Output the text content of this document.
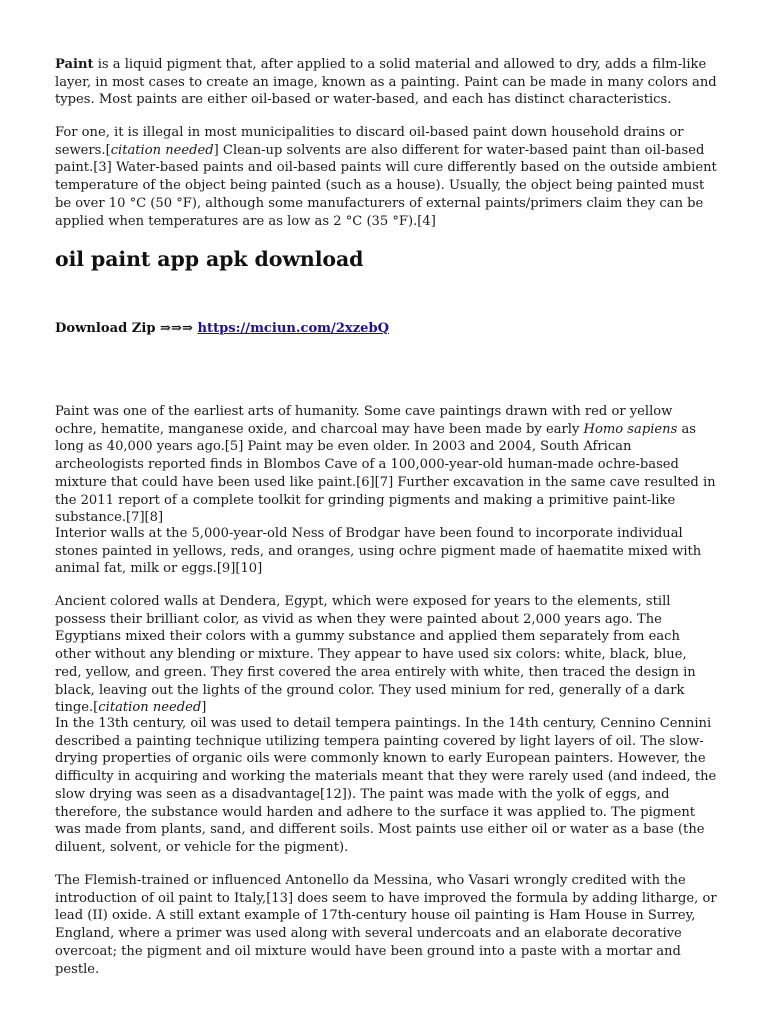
Paint is a liquid pigment that, after applied to a solid material and allowed to dry, adds a film-like layer, in most cases to create an image, known as a painting. Paint can be made in many colors and types. Most paints are either oil-based or water-based, and each has distinct characteristics.

For one, it is illegal in most municipalities to discard oil-based paint down household drains or sewers.[citation needed] Clean-up solvents are also different for water-based paint than oil-based paint.[3] Water-based paints and oil-based paints will cure differently based on the outside ambient temperature of the object being painted (such as a house). Usually, the object being painted must be over 10 °C (50 °F), although some manufacturers of external paints/primers claim they can be applied when temperatures are as low as 2 °C (35 °F).[4]

oil paint app apk download

Download Zip ⇒⇒⇒ https://mciun.com/2xzebQ

Paint was one of the earliest arts of humanity. Some cave paintings drawn with red or yellow ochre, hematite, manganese oxide, and charcoal may have been made by early Homo sapiens as long as 40,000 years ago.[5] Paint may be even older. In 2003 and 2004, South African archeologists reported finds in Blombos Cave of a 100,000-year-old human-made ochre-based mixture that could have been used like paint.[6][7] Further excavation in the same cave resulted in the 2011 report of a complete toolkit for grinding pigments and making a primitive paint-like substance.[7][8]

Interior walls at the 5,000-year-old Ness of Brodgar have been found to incorporate individual stones painted in yellows, reds, and oranges, using ochre pigment made of haematite mixed with animal fat, milk or eggs.[9][10]

Ancient colored walls at Dendera, Egypt, which were exposed for years to the elements, still possess their brilliant color, as vivid as when they were painted about 2,000 years ago. The Egyptians mixed their colors with a gummy substance and applied them separately from each other without any blending or mixture. They appear to have used six colors: white, black, blue, red, yellow, and green. They first covered the area entirely with white, then traced the design in black, leaving out the lights of the ground color. They used minium for red, generally of a dark tinge.[citation needed]

In the 13th century, oil was used to detail tempera paintings. In the 14th century, Cennino Cennini described a painting technique utilizing tempera painting covered by light layers of oil. The slow-drying properties of organic oils were commonly known to early European painters. However, the difficulty in acquiring and working the materials meant that they were rarely used (and indeed, the slow drying was seen as a disadvantage[12]). The paint was made with the yolk of eggs, and therefore, the substance would harden and adhere to the surface it was applied to. The pigment was made from plants, sand, and different soils. Most paints use either oil or water as a base (the diluent, solvent, or vehicle for the pigment).

The Flemish-trained or influenced Antonello da Messina, who Vasari wrongly credited with the introduction of oil paint to Italy,[13] does seem to have improved the formula by adding litharge, or lead (II) oxide. A still extant example of 17th-century house oil painting is Ham House in Surrey, England, where a primer was used along with several undercoats and an elaborate decorative overcoat; the pigment and oil mixture would have been ground into a paste with a mortar and pestle.
